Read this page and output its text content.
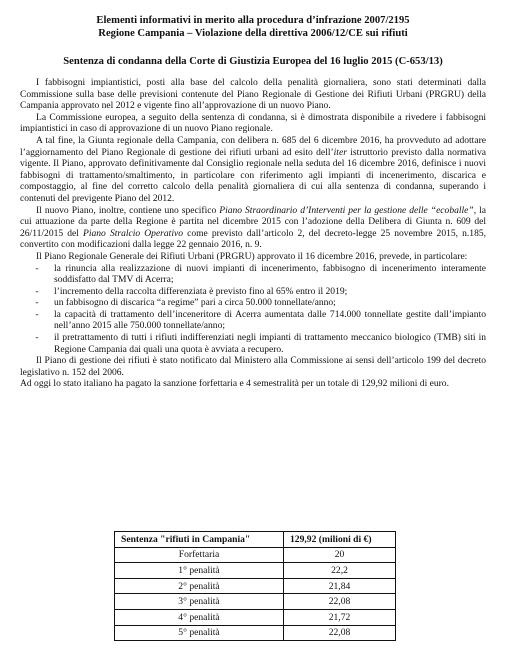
Elementi informativi in merito alla procedura d’infrazione 2007/2195
Regione Campania – Violazione della direttiva 2006/12/CE sui rifiuti
Sentenza di condanna della Corte di Giustizia Europea del 16 luglio 2015 (C-653/13)

I fabbisogni impiantistici, posti alla base del calcolo della penalità giornaliera, sono stati determinati dalla Commissione sulla base delle previsioni contenute del Piano Regionale di Gestione dei Rifiuti Urbani (PRGRU) della Campania approvato nel 2012 e vigente fino all’approvazione di un nuovo Piano.

La Commissione europea, a seguito della sentenza di condanna, si è dimostrata disponibile a rivedere i fabbisogni impiantistici in caso di approvazione di un nuovo Piano regionale.

A tal fine, la Giunta regionale della Campania, con delibera n. 685 del 6 dicembre 2016, ha provveduto ad adottare l’aggiornamento del Piano Regionale di gestione dei rifiuti urbani ad esito dell’iter istruttorio previsto dalla normativa vigente. Il Piano, approvato definitivamente dal Consiglio regionale nella seduta del 16 dicembre 2016, definisce i nuovi fabbisogni di trattamento/smaltimento, in particolare con riferimento agli impianti di incenerimento, discarica e compostaggio, al fine del corretto calcolo della penalità giornaliera di cui alla sentenza di condanna, superando i contenuti del previgente Piano del 2012.

Il nuovo Piano, inoltre, contiene uno specifico Piano Straordinario d’Interventi per la gestione delle “ecoballe”, la cui attuazione da parte della Regione è partita nel dicembre 2015 con l’adozione della Delibera di Giunta n. 609 del 26/11/2015 del Piano Stralcio Operativo come previsto dall’articolo 2, del decreto-legge 25 novembre 2015, n.185, convertito con modificazioni dalla legge 22 gennaio 2016, n. 9.

Il Piano Regionale Generale dei Rifiuti Urbani (PRGRU) approvato il 16 dicembre 2016, prevede, in particolare:

-	la rinuncia alla realizzazione di nuovi impianti di incenerimento, fabbisogno di incenerimento interamente soddisfatto dal TMV di Acerra;
-	l’incremento della raccolta differenziata è previsto fino al 65% entro il 2019;
-	un fabbisogno di discarica “a regime” pari a circa 50.000 tonnellate/anno;
- la capacità di trattamento dell’inceneritore di Acerra aumentata dalle 714.000 tonnellate gestite dall’impianto nell’anno 2015 alle 750.000 tonnellate/anno;
-	il pretrattamento di tutti i rifiuti indifferenziati negli impianti di trattamento meccanico biologico (TMB) siti in Regione Campania dai quali una quota è avviata a recupero.

Il Piano di gestione dei rifiuti è stato notificato dal Ministero alla Commissione ai sensi dell’articolo 199 del decreto legislativo n. 152 del 2006.

Ad oggi lo stato italiano ha pagato la sanzione forfettaria e 4 semestralità per un totale di 129,92 milioni di euro.

Sentenza "rifiuti in Campania"	129,92 (milioni di €)
Forfettaria	20
1° penalità	22,2
2° penalità	21,84
3° penalità	22,08
4° penalità	21,72
5° penalità	22,08
